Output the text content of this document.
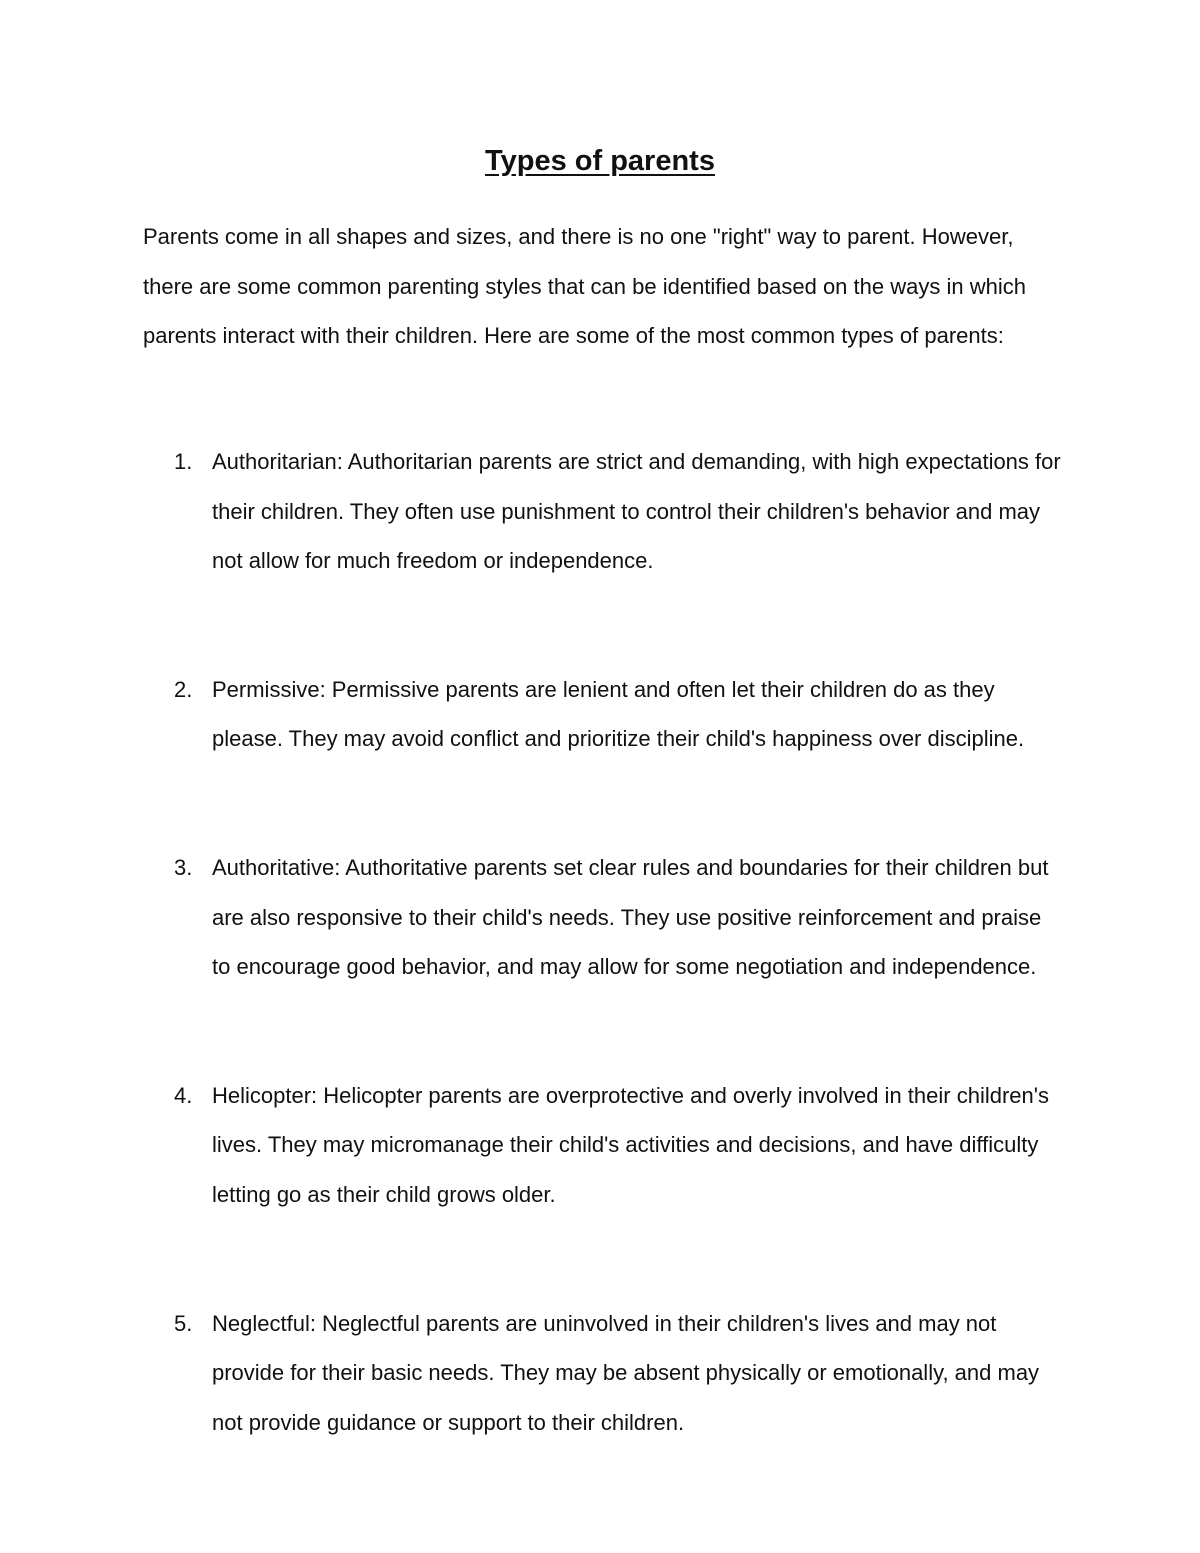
Types of parents

Parents come in all shapes and sizes, and there is no one "right" way to parent. However, there are some common parenting styles that can be identified based on the ways in which parents interact with their children. Here are some of the most common types of parents:

1. Authoritarian: Authoritarian parents are strict and demanding, with high expectations for their children. They often use punishment to control their children's behavior and may not allow for much freedom or independence.
2. Permissive: Permissive parents are lenient and often let their children do as they please. They may avoid conflict and prioritize their child's happiness over discipline.
3. Authoritative: Authoritative parents set clear rules and boundaries for their children but are also responsive to their child's needs. They use positive reinforcement and praise to encourage good behavior, and may allow for some negotiation and independence.
4. Helicopter: Helicopter parents are overprotective and overly involved in their children's lives. They may micromanage their child's activities and decisions, and have difficulty letting go as their child grows older.
5. Neglectful: Neglectful parents are uninvolved in their children's lives and may not provide for their basic needs. They may be absent physically or emotionally, and may not provide guidance or support to their children.
